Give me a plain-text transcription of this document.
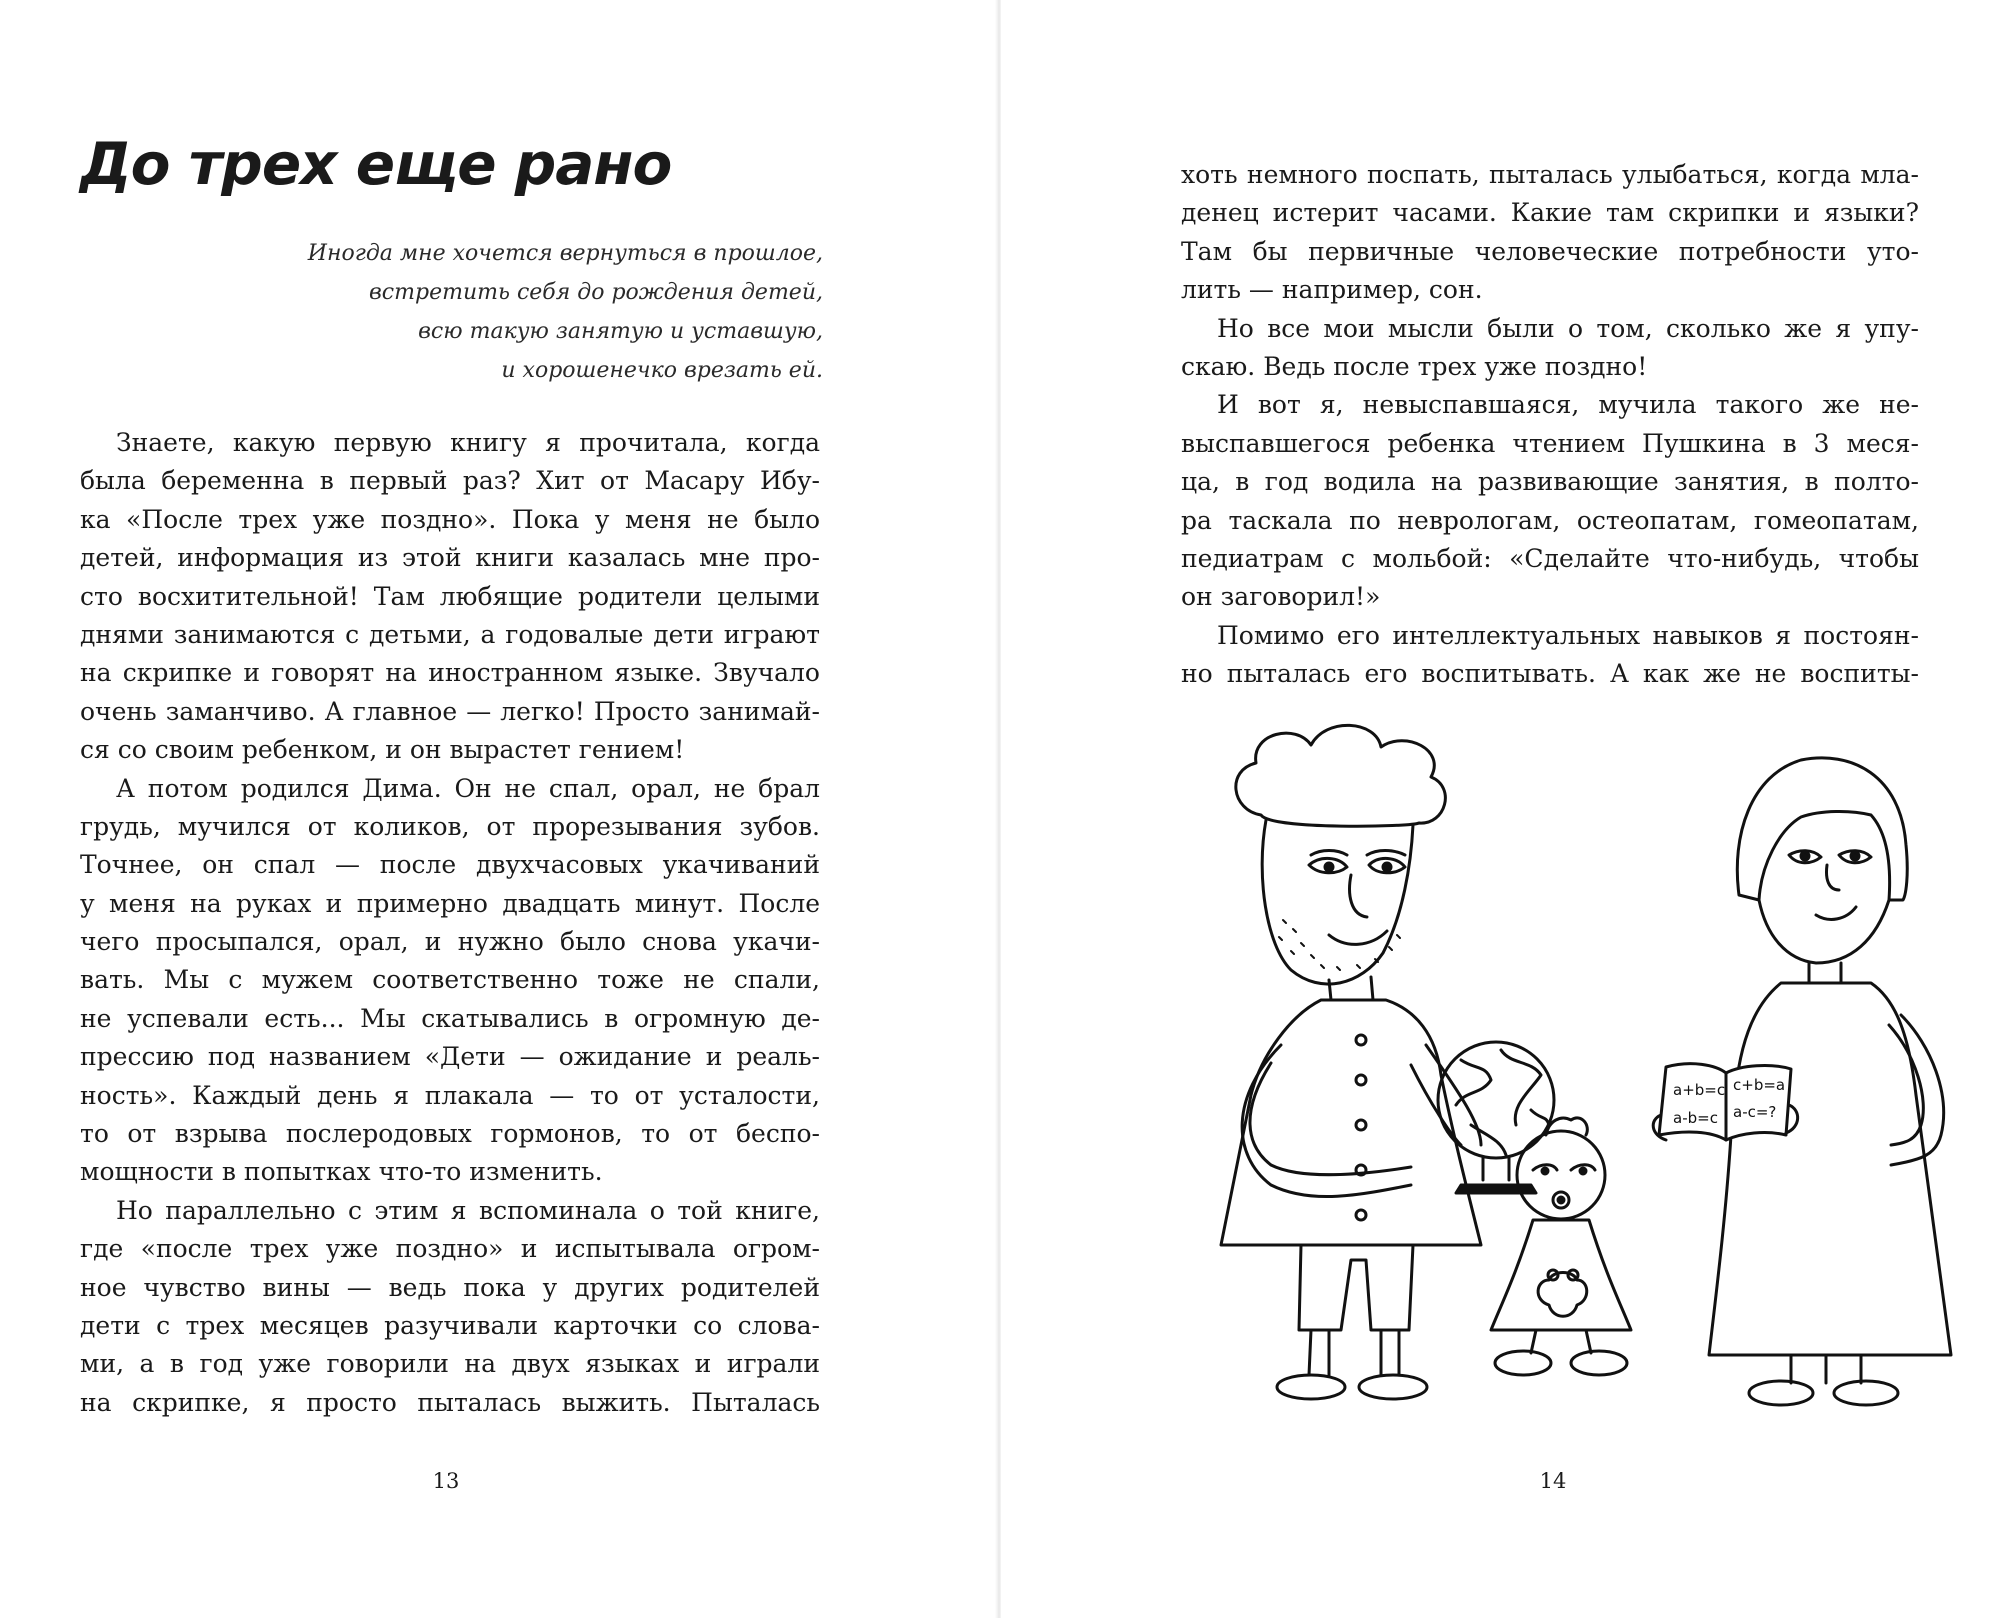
До трех еще рано
Иногда мне хочется вернуться в прошлое,
встретить себя до рождения детей,
всю такую занятую и уставшую,
и хорошенечко врезать ей.
Знаете, какую первую книгу я прочитала, когда
была беременна в первый раз? Хит от Масару Ибу-
ка «После трех уже поздно». Пока у меня не было
детей, информация из этой книги казалась мне про-
сто восхитительной! Там любящие родители целыми
днями занимаются с детьми, а годовалые дети играют
на скрипке и говорят на иностранном языке. Звучало
очень заманчиво. А главное — легко! Просто занимай-
ся со своим ребенком, и он вырастет гением!
А потом родился Дима. Он не спал, орал, не брал
грудь, мучился от коликов, от прорезывания зубов.
Точнее, он спал — после двухчасовых укачиваний
у меня на руках и примерно двадцать минут. После
чего просыпался, орал, и нужно было снова укачи-
вать. Мы с мужем соответственно тоже не спали,
не успевали есть... Мы скатывались в огромную де-
прессию под названием «Дети — ожидание и реаль-
ность». Каждый день я плакала — то от усталости,
то от взрыва послеродовых гормонов, то от беспо-
мощности в попытках что-то изменить.
Но параллельно с этим я вспоминала о той книге,
где «после трех уже поздно» и испытывала огром-
ное чувство вины — ведь пока у других родителей
дети с трех месяцев разучивали карточки со слова-
ми, а в год уже говорили на двух языках и играли
на скрипке, я просто пыталась выжить. Пыталась
13
хоть немного поспать, пыталась улыбаться, когда мла-
денец истерит часами. Какие там скрипки и языки?
Там бы первичные человеческие потребности уто-
лить — например, сон.
Но все мои мысли были о том, сколько же я упу-
скаю. Ведь после трех уже поздно!
И вот я, невыспавшаяся, мучила такого же не-
выспавшегося ребенка чтением Пушкина в 3 меся-
ца, в год водила на развивающие занятия, в полто-
ра таскала по неврологам, остеопатам, гомеопатам,
педиатрам с мольбой: «Сделайте что-нибудь, чтобы
он заговорил!»
Помимо его интеллектуальных навыков я постоян-
но пыталась его воспитывать. А как же не воспиты-
a+b=c
a-b=c
c+b=a
a-c=?
14
